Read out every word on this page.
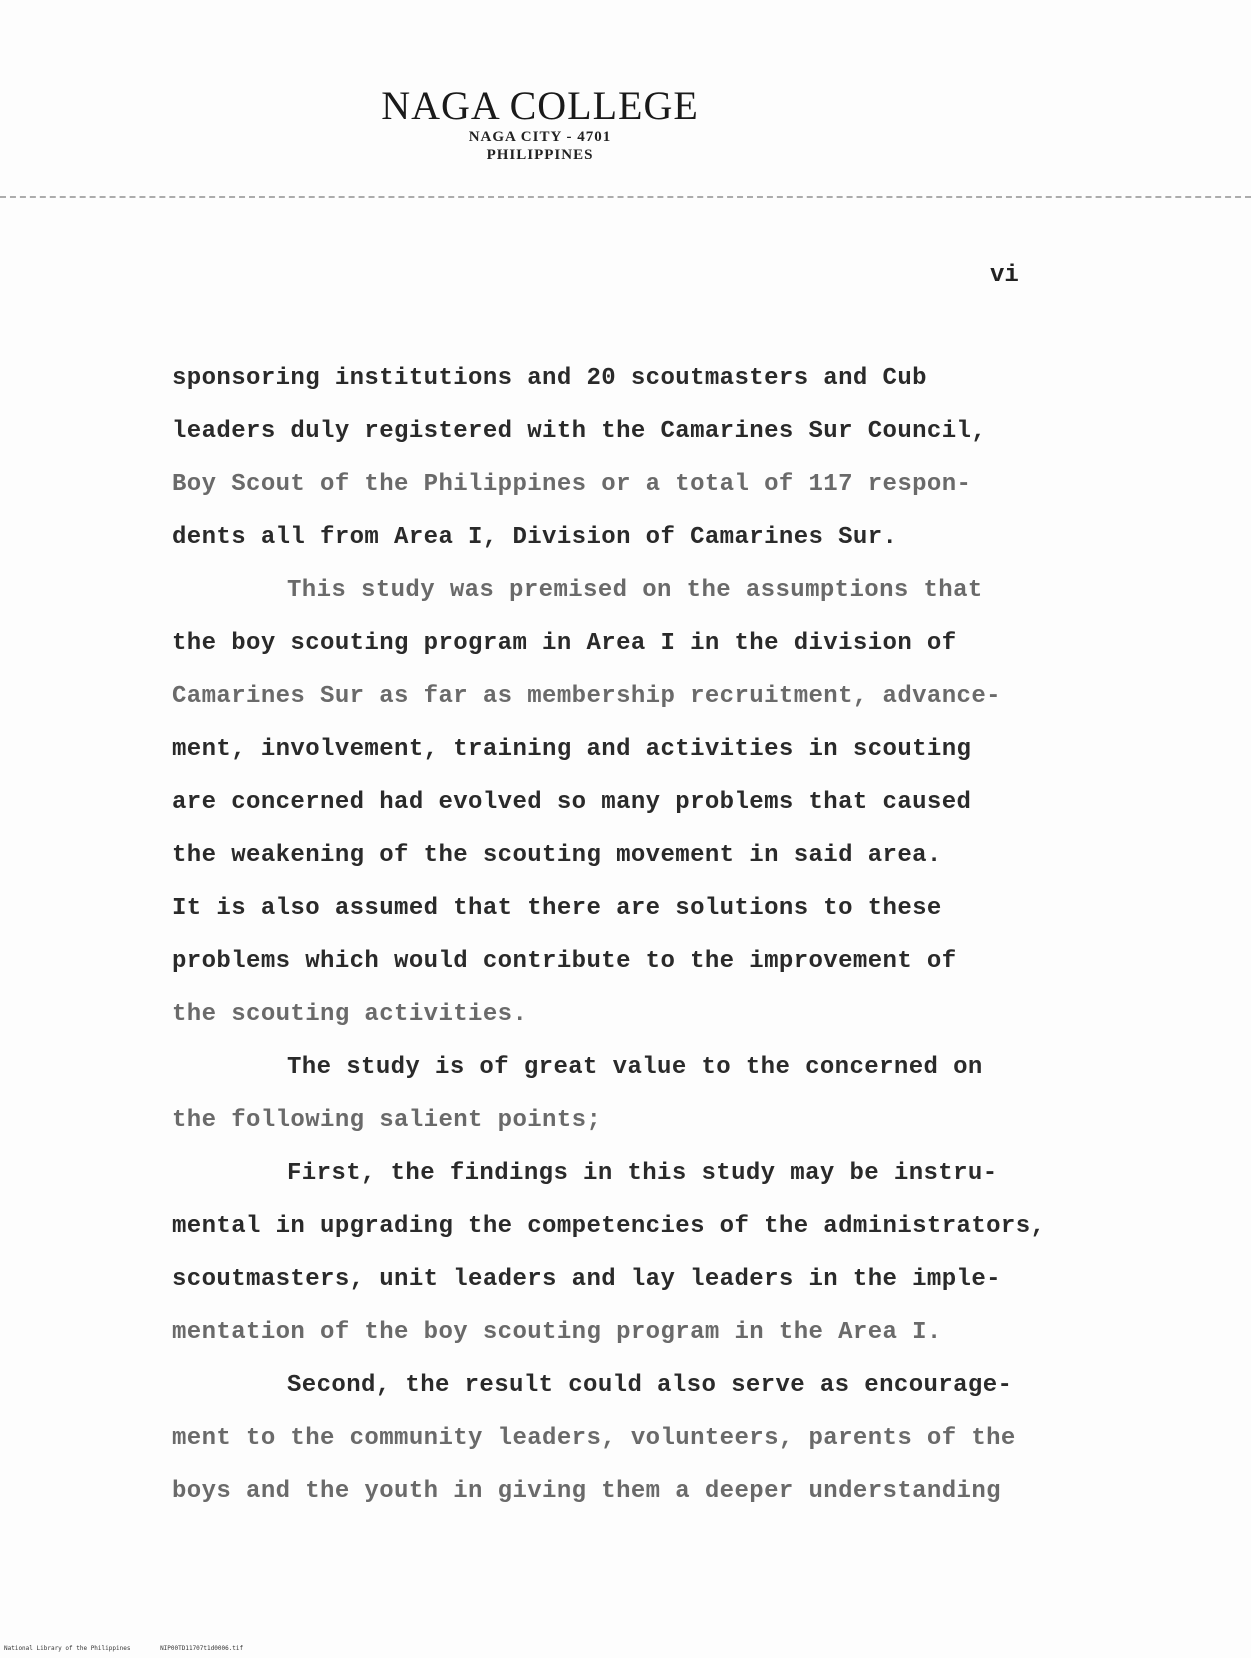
NAGA COLLEGE
NAGA CITY - 4701
PHILIPPINES
vi
sponsoring institutions and 20 scoutmasters and Cub
leaders duly registered with the Camarines Sur Council,
Boy Scout of the Philippines or a total of 117 respon-
dents all from Area I, Division of Camarines Sur.
This study was premised on the assumptions that
the boy scouting program in Area I in the division of
Camarines Sur as far as membership recruitment, advance-
ment, involvement, training and activities in scouting
are concerned had evolved so many problems that caused
the weakening of the scouting movement in said area.
It is also assumed that there are solutions to these
problems which would contribute to the improvement of
the scouting activities.
The study is of great value to the concerned on
the following salient points;
First, the findings in this study may be instru-
mental in upgrading the competencies of the administrators,
scoutmasters, unit leaders and lay leaders in the imple-
mentation of the boy scouting program in the Area I.
Second, the result could also serve as encourage-
ment to the community leaders, volunteers, parents of the
boys and the youth in giving them a deeper understanding
National Library of the Philippines	NIP00TD11707t1d0006.tif
